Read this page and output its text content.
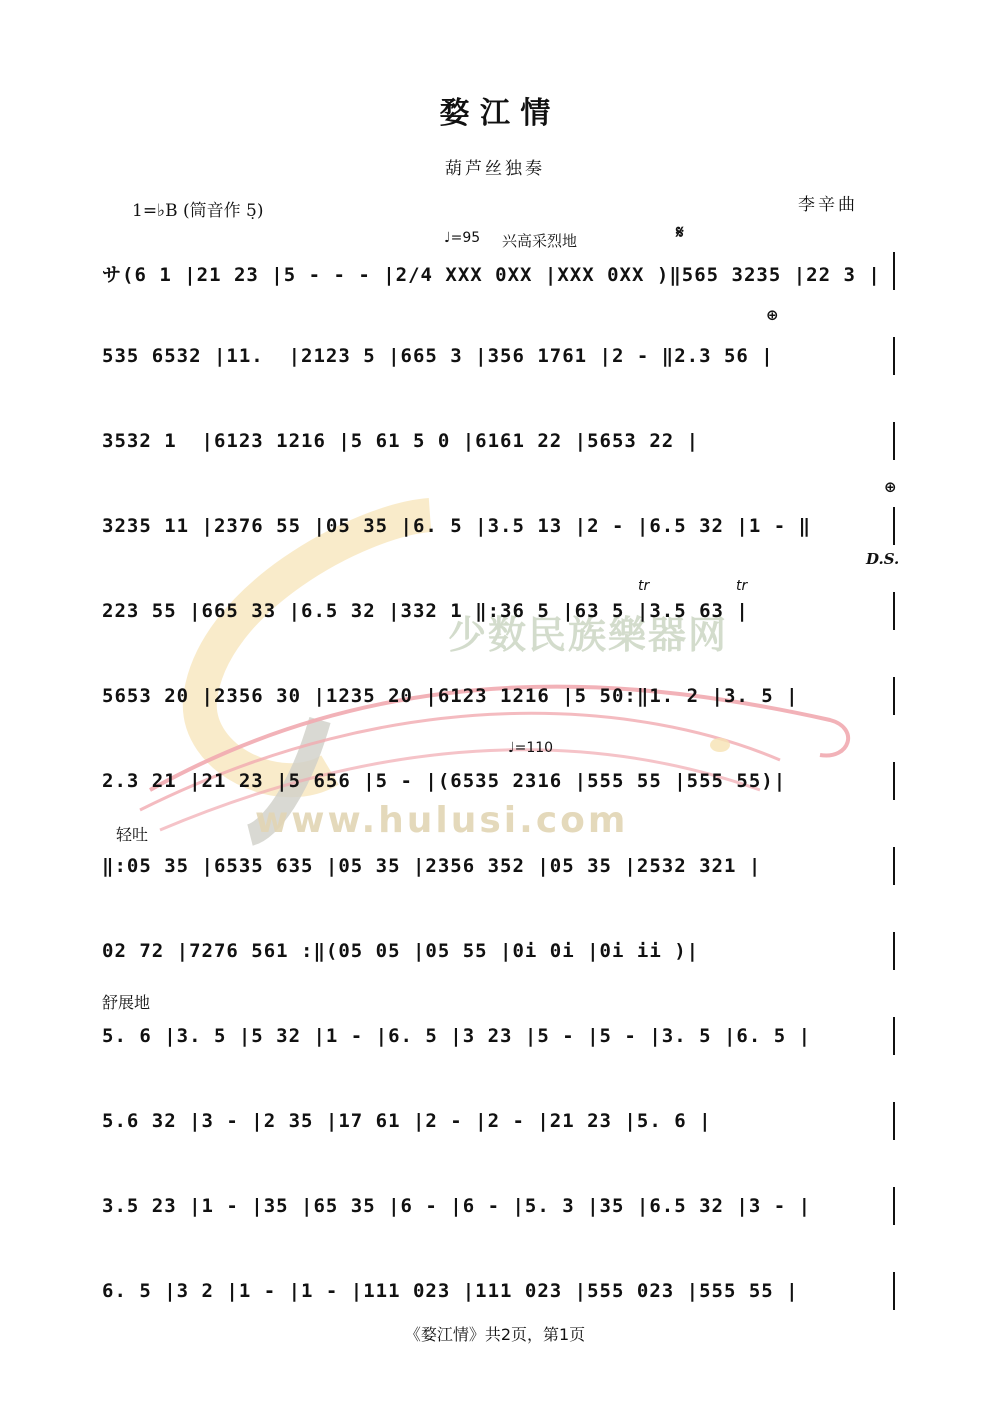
少数民族樂器网
www.hulusi.com
婺 江 情
葫芦丝独奏
李辛曲
1=♭B (筒音作 5̣)
♩=95 兴高采烈地	𝄋
⊕
⊕
D.S.
♩=110
轻吐
舒展地
tr	tr
サ(6 1 |21 23 |5 - - - |2/4 XXX 0XX |XXX 0XX )‖565 3235 |22 3 |
535 6532 |11.  |2123 5 |665 3 |356 1761 |2 - ‖2.3 56 |
3532 1  |6123 1216 |5 61 5 0 |6161 22 |5653 22 |
3235 11 |2376 55 |05 35 |6. 5 |3.5 13 |2 - |6.5 32 |1 - ‖
223 55 |665 33 |6.5 32 |332 1 ‖:36 5 |63 5 |3.5 63 |
5653 20 |2356 30 |1235 20 |6123 1216 |5 50:‖1. 2 |3. 5 |
2.3 21 |21 23 |5 656 |5 - |(6535 2316 |555 55 |555 55)|
‖:05 35 |6535 635 |05 35 |2356 352 |05 35 |2532 321 |
02 72 |7276 561 :‖(05 05 |05 55 |0i 0i |0i ii )|
5. 6 |3. 5 |5 32 |1 - |6. 5 |3 23 |5 - |5 - |3. 5 |6. 5 |
5.6 32 |3 - |2 35 |17 61 |2 - |2 - |21 23 |5. 6 |
3.5 23 |1 - |35 |65 35 |6 - |6 - |5. 3 |35 |6.5 32 |3 - |
6. 5 |3 2 |1 - |1 - |111 023 |111 023 |555 023 |555 55 |
《婺江情》共2页，第1页
